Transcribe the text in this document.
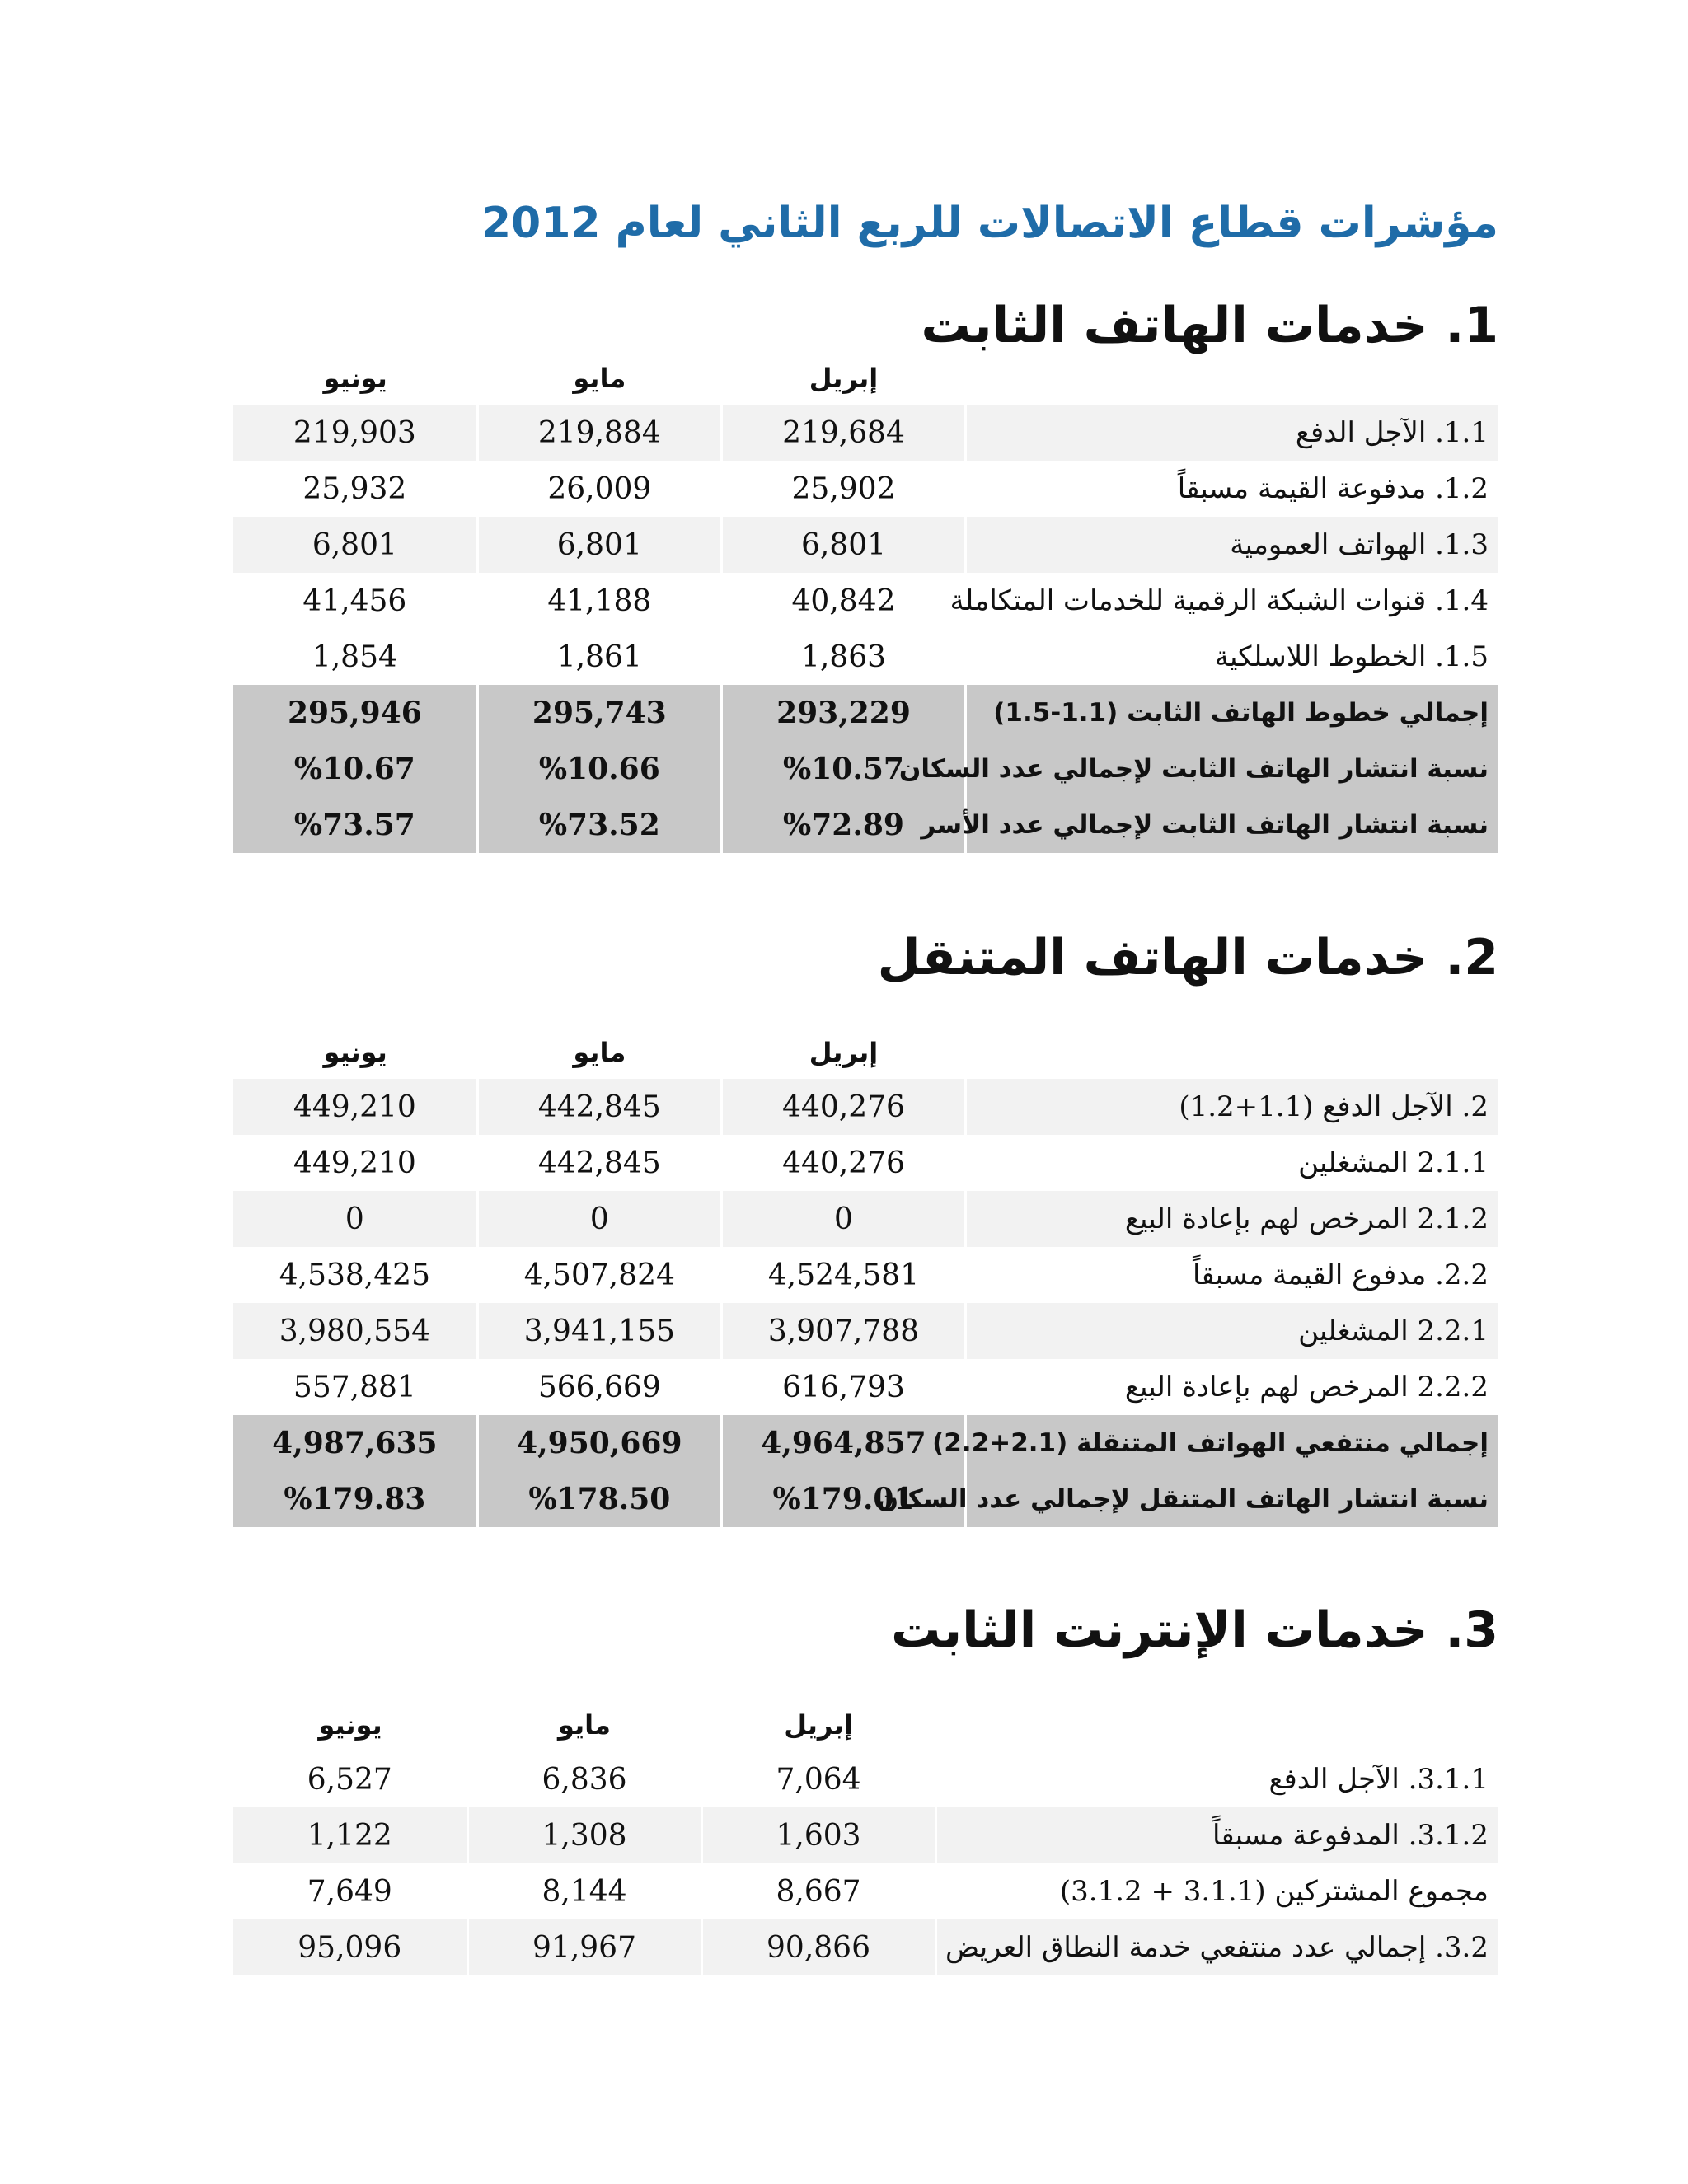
مؤشرات قطاع الاتصالات للربع الثاني لعام 2012
1. خدمات الهاتف الثابت
	إبريل	مايو	يونيو
1.1. الآجل الدفع	219,684	219,884	219,903
1.2. مدفوعة القيمة مسبقاً	25,902	26,009	25,932
1.3. الهواتف العمومية	6,801	6,801	6,801
1.4. قنوات الشبكة الرقمية للخدمات المتكاملة	40,842	41,188	41,456
1.5. الخطوط اللاسلكية	1,863	1,861	1,854
إجمالي خطوط الهاتف الثابت (1.1-1.5)	293,229	295,743	295,946
نسبة انتشار الهاتف الثابت لإجمالي عدد السكان	%10.57	%10.66	%10.67
نسبة انتشار الهاتف الثابت لإجمالي عدد الأسر	%72.89	%73.52	%73.57
2. خدمات الهاتف المتنقل
	إبريل	مايو	يونيو
2. الآجل الدفع (1.1+1.2)	440,276	442,845	449,210
2.1.1 المشغلين	440,276	442,845	449,210
2.1.2 المرخص لهم بإعادة البيع	0	0	0
2.2. مدفوع القيمة مسبقاً	4,524,581	4,507,824	4,538,425
2.2.1 المشغلين	3,907,788	3,941,155	3,980,554
2.2.2 المرخص لهم بإعادة البيع	616,793	566,669	557,881
إجمالي منتفعي الهواتف المتنقلة (2.1+2.2)	4,964,857	4,950,669	4,987,635
نسبة انتشار الهاتف المتنقل لإجمالي عدد السكان	%179.01	%178.50	%179.83
3. خدمات الإنترنت الثابت
	إبريل	مايو	يونيو
3.1.1. الآجل الدفع	7,064	6,836	6,527
3.1.2. المدفوعة مسبقاً	1,603	1,308	1,122
مجموع المشتركين (3.1.1 + 3.1.2)	8,667	8,144	7,649
3.2. إجمالي عدد منتفعي خدمة النطاق العريض	90,866	91,967	95,096
